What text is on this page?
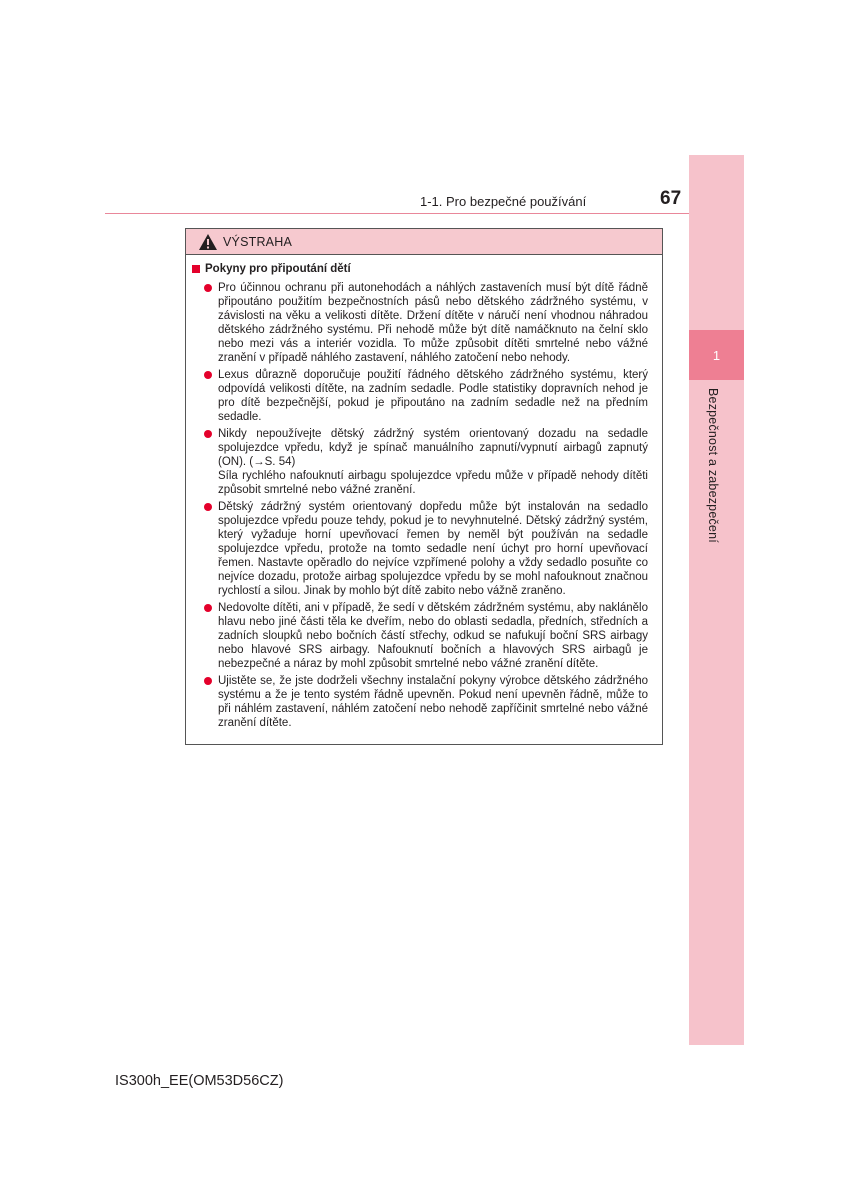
1
Bezpečnost a zabezpečení
1-1. Pro bezpečné používání	67
VÝSTRAHA
Pokyny pro připoutání dětí
Pro účinnou ochranu při autonehodách a náhlých zastaveních musí být dítě řádně připoutáno použitím bezpečnostních pásů nebo dětského zádržného systému, v závislosti na věku a velikosti dítěte. Držení dítěte v náručí není vhodnou náhradou dětského zádržného systému. Při nehodě může být dítě namáčknuto na čelní sklo nebo mezi vás a interiér vozidla. To může způsobit dítěti smrtelné nebo vážné zranění v případě náhlého zastavení, náhlého zatočení nebo nehody.
Lexus důrazně doporučuje použití řádného dětského zádržného systému, který odpovídá velikosti dítěte, na zadním sedadle. Podle statistiky dopravních nehod je pro dítě bezpečnější, pokud je připoutáno na zadním sedadle než na předním sedadle.
Nikdy nepoužívejte dětský zádržný systém orientovaný dozadu na sedadle spolujezdce vpředu, když je spínač manuálního zapnutí/vypnutí airbagů zapnutý (ON). (→S. 54)
Síla rychlého nafouknutí airbagu spolujezdce vpředu může v případě nehody dítěti způsobit smrtelné nebo vážné zranění.
Dětský zádržný systém orientovaný dopředu může být instalován na sedadlo spolujezdce vpředu pouze tehdy, pokud je to nevyhnutelné. Dětský zádržný systém, který vyžaduje horní upevňovací řemen by neměl být používán na sedadle spolujezdce vpředu, protože na tomto sedadle není úchyt pro horní upevňovací řemen. Nastavte opěradlo do nejvíce vzpřímené polohy a vždy sedadlo posuňte co nejvíce dozadu, protože airbag spolujezdce vpředu by se mohl nafouknout značnou rychlostí a silou. Jinak by mohlo být dítě zabito nebo vážně zraněno.
Nedovolte dítěti, ani v případě, že sedí v dětském zádržném systému, aby naklánělo hlavu nebo jiné části těla ke dveřím, nebo do oblasti sedadla, předních, středních a zadních sloupků nebo bočních částí střechy, odkud se nafukují boční SRS airbagy nebo hlavové SRS airbagy. Nafouknutí bočních a hlavových SRS airbagů je nebezpečné a náraz by mohl způsobit smrtelné nebo vážné zranění dítěte.
Ujistěte se, že jste dodrželi všechny instalační pokyny výrobce dětského zádržného systému a že je tento systém řádně upevněn. Pokud není upevněn řádně, může to při náhlém zastavení, náhlém zatočení nebo nehodě zapříčinit smrtelné nebo vážné zranění dítěte.
IS300h_EE(OM53D56CZ)
